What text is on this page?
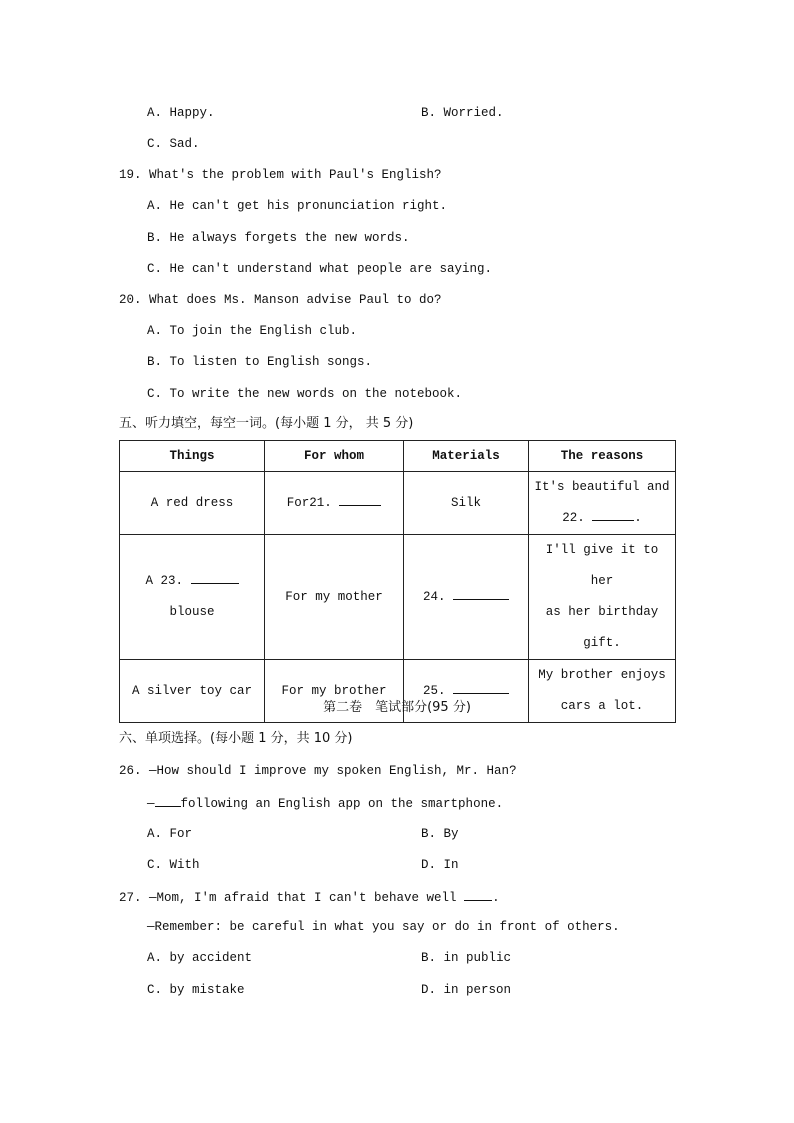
A. Happy.	B. Worried.
C. Sad.
19. What's the problem with Paul's English?
A. He can't get his pronunciation right.
B. He always forgets the new words.
C. He can't understand what people are saying.
20. What does Ms. Manson advise Paul to do?
A. To join the English club.
B. To listen to English songs.
C. To write the new words on the notebook.
五、听力填空，每空一词。(每小题 1 分， 共 5 分)
Things	For whom	Materials	The reasons
A red dress	For21.	Silk	It's beautiful and
22. .

A 23.  blouse	For my mother	24.	I'll give it to her
as her birthday
gift.

A silver toy car	For my brother	25.	My brother enjoys
cars a lot.
第二卷　笔试部分(95 分)
六、单项选择。(每小题 1 分，共 10 分)
26. —How should I improve my spoken English, Mr. Han?
— following an English app on the smartphone.
A. For	B. By
C. With	D. In
27. —Mom, I'm afraid that I can't behave well	.
—Remember: be careful in what you say or do in front of others.
A. by accident	B. in public
C. by mistake	D. in person
